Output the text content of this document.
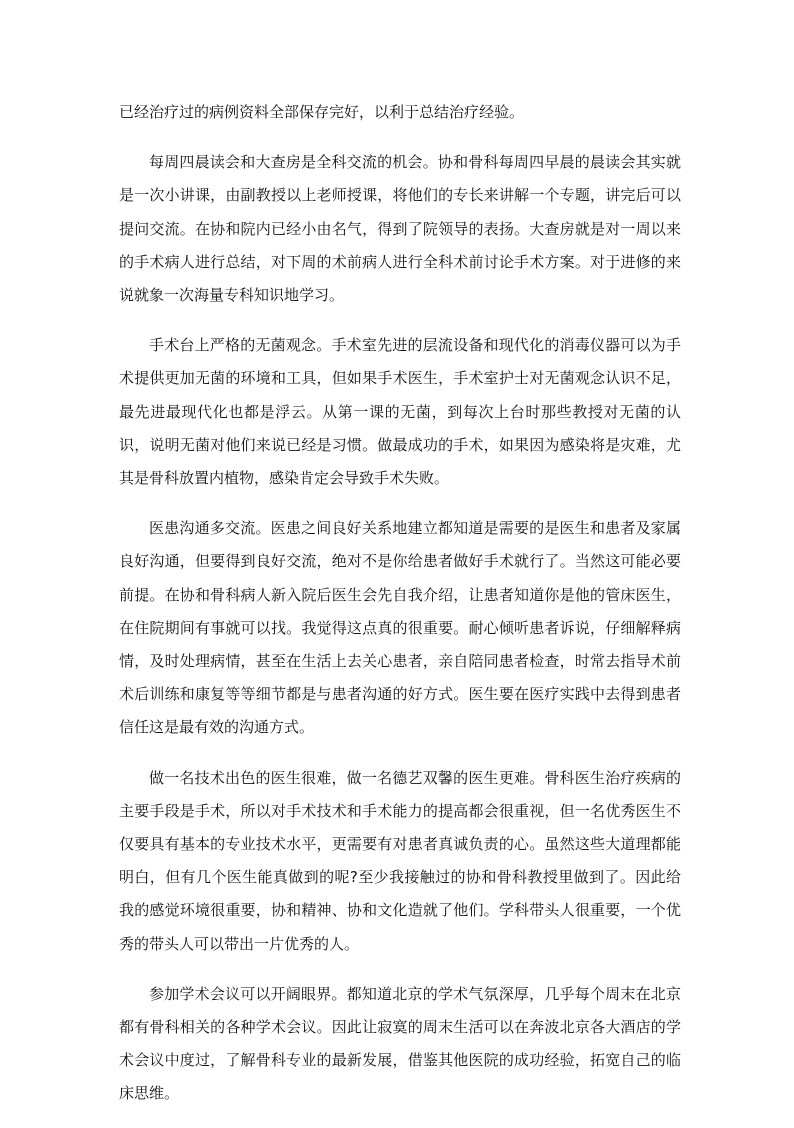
已经治疗过的病例资料全部保存完好，以利于总结治疗经验。

每周四晨读会和大查房是全科交流的机会。协和骨科每周四早晨的晨读会其实就是一次小讲课，由副教授以上老师授课，将他们的专长来讲解一个专题，讲完后可以提问交流。在协和院内已经小由名气，得到了院领导的表扬。大查房就是对一周以来的手术病人进行总结，对下周的术前病人进行全科术前讨论手术方案。对于进修的来说就象一次海量专科知识地学习。

手术台上严格的无菌观念。手术室先进的层流设备和现代化的消毒仪器可以为手术提供更加无菌的环境和工具，但如果手术医生，手术室护士对无菌观念认识不足，最先进最现代化也都是浮云。从第一课的无菌，到每次上台时那些教授对无菌的认识，说明无菌对他们来说已经是习惯。做最成功的手术，如果因为感染将是灾难，尤其是骨科放置内植物，感染肯定会导致手术失败。

医患沟通多交流。医患之间良好关系地建立都知道是需要的是医生和患者及家属良好沟通，但要得到良好交流，绝对不是你给患者做好手术就行了。当然这可能必要前提。在协和骨科病人新入院后医生会先自我介绍，让患者知道你是他的管床医生，在住院期间有事就可以找。我觉得这点真的很重要。耐心倾听患者诉说，仔细解释病情，及时处理病情，甚至在生活上去关心患者，亲自陪同患者检查，时常去指导术前术后训练和康复等等细节都是与患者沟通的好方式。医生要在医疗实践中去得到患者信任这是最有效的沟通方式。

做一名技术出色的医生很难，做一名德艺双馨的医生更难。骨科医生治疗疾病的主要手段是手术，所以对手术技术和手术能力的提高都会很重视，但一名优秀医生不仅要具有基本的专业技术水平，更需要有对患者真诚负责的心。虽然这些大道理都能明白，但有几个医生能真做到的呢?至少我接触过的协和骨科教授里做到了。因此给我的感觉环境很重要，协和精神、协和文化造就了他们。学科带头人很重要，一个优秀的带头人可以带出一片优秀的人。

参加学术会议可以开阔眼界。都知道北京的学术气氛深厚，几乎每个周末在北京都有骨科相关的各种学术会议。因此让寂寞的周末生活可以在奔波北京各大酒店的学术会议中度过，了解骨科专业的最新发展，借鉴其他医院的成功经验，拓宽自己的临床思维。
